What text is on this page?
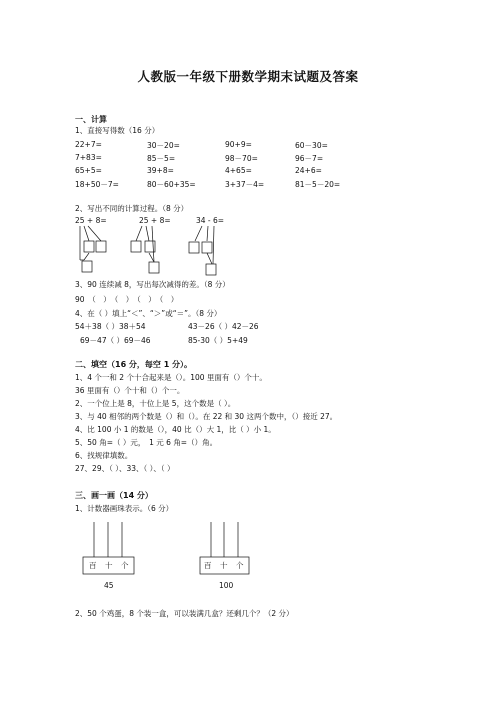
人教版一年级下册数学期末试题及答案
一、计算
1、直接写得数（16 分）
22+7=	30－20=	90+9=	60－30=
7+83=	85－5=	98－70=	96－7=
65+5=	39+8=	4+65=	24+6=
18+50－7=	80－60+35=	3+37－4=	81－5－20=
2、写出不同的计算过程。（8 分）
25 + 8=	25 + 8=	34 - 6=
3、90 连续减 8，写出每次减得的差。（8 分）
90　（　）　（　）　（　）　（　）
4、在（ ）填上“＜”、“＞”或“＝”。（8 分）
54＋38（ ）38＋54	43－26（ ）42－26
69－47（ ）69－46	85-30（ ）5+49
二、填空（16 分，每空 1 分）。
1、4 个一和 2 个十合起来是（）。100 里面有（）个十。
36 里面有（）个十和（）个一。
2、一个位上是 8，十位上是 5，这个数是（ ）。
3、与 40 相邻的两个数是（）和（）。在 22 和 30 这两个数中，（）接近 27。
4、比 100 小 1 的数是（），40 比（）大 1，比（ ）小 1。
5、50 角=（ ）元，　1 元 6 角=（）角。
6、找规律填数。
27、29、（ ）、33、（ ）、（ ）
三、画一画（14 分）
1、计数器画珠表示。（6 分）
百　十　个	百　十　个
45	100
2、50 个鸡蛋，8 个装一盒，可以装满几盒？还剩几个？（2 分）
